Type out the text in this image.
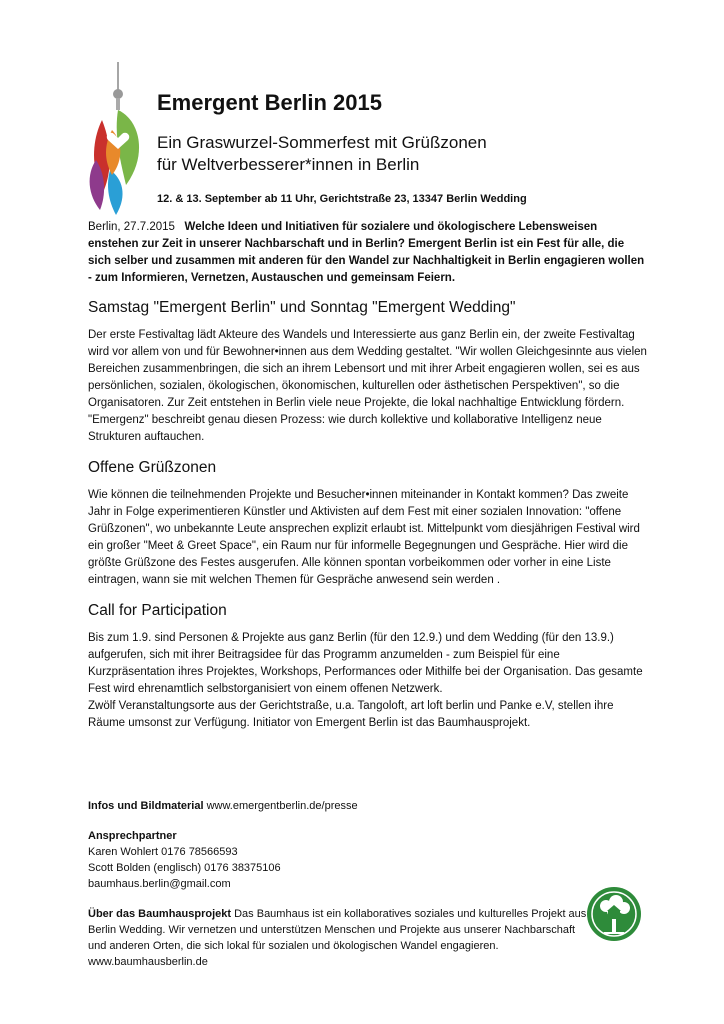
Emergent Berlin 2015

Ein Graswurzel-Sommerfest mit Grüßzonen
für Weltverbesserer*innen in Berlin

12. & 13. September ab 11 Uhr, Gerichtstraße 23, 13347 Berlin Wedding

Berlin, 27.7.2015 Welche Ideen und Initiativen für sozialere und ökologischere Lebensweisen enstehen zur Zeit in unserer Nachbarschaft und in Berlin? Emergent Berlin ist ein Fest für alle, die sich selber und zusammen mit anderen für den Wandel zur Nachhaltigkeit in Berlin engagieren wollen - zum Informieren, Vernetzen, Austauschen und gemeinsam Feiern.

Samstag "Emergent Berlin" und Sonntag "Emergent Wedding"

Der erste Festivaltag lädt Akteure des Wandels und Interessierte aus ganz Berlin ein, der zweite Festivaltag wird vor allem von und für Bewohner•innen aus dem Wedding gestaltet. "Wir wollen Gleichgesinnte aus vielen Bereichen zusammenbringen, die sich an ihrem Lebensort und mit ihrer Arbeit engagieren wollen, sei es aus persönlichen, sozialen, ökologischen, ökonomischen, kulturellen oder ästhetischen Perspektiven", so die Organisatoren. Zur Zeit entstehen in Berlin viele neue Projekte, die lokal nachhaltige Entwicklung fördern. "Emergenz" beschreibt genau diesen Prozess: wie durch kollektive und kollaborative Intelligenz neue Strukturen auftauchen.

Offene Grüßzonen

Wie können die teilnehmenden Projekte und Besucher•innen miteinander in Kontakt kommen? Das zweite Jahr in Folge experimentieren Künstler und Aktivisten auf dem Fest mit einer sozialen Innovation: "offene Grüßzonen", wo unbekannte Leute ansprechen explizit erlaubt ist. Mittelpunkt vom diesjährigen Festival wird ein großer "Meet & Greet Space", ein Raum nur für informelle Begegnungen und Gespräche. Hier wird die größte Grüßzone des Festes ausgerufen. Alle können spontan vorbeikommen oder vorher in eine Liste eintragen, wann sie mit welchen Themen für Gespräche anwesend sein werden .

Call for Participation

Bis zum 1.9. sind Personen & Projekte aus ganz Berlin (für den 12.9.) und dem Wedding (für den 13.9.) aufgerufen, sich mit ihrer Beitragsidee für das Programm anzumelden - zum Beispiel für eine Kurzpräsentation ihres Projektes, Workshops, Performances oder Mithilfe bei der Organisation. Das gesamte Fest wird ehrenamtlich selbstorganisiert von einem offenen Netzwerk.

Zwölf Veranstaltungsorte aus der Gerichtstraße, u.a. Tangoloft, art loft berlin und Panke e.V, stellen ihre Räume umsonst zur Verfügung. Initiator von Emergent Berlin ist das Baumhausprojekt.

Infos und Bildmaterial www.emergentberlin.de/presse

Ansprechpartner

Karen Wohlert 0176 78566593

Scott Bolden (englisch) 0176 38375106

baumhaus.berlin@gmail.com

Über das Baumhausprojekt Das Baumhaus ist ein kollaboratives soziales und kulturelles Projekt aus Berlin Wedding. Wir vernetzen und unterstützen Menschen und Projekte aus unserer Nachbarschaft und anderen Orten, die sich lokal für sozialen und ökologischen Wandel engagieren.

www.baumhausberlin.de
